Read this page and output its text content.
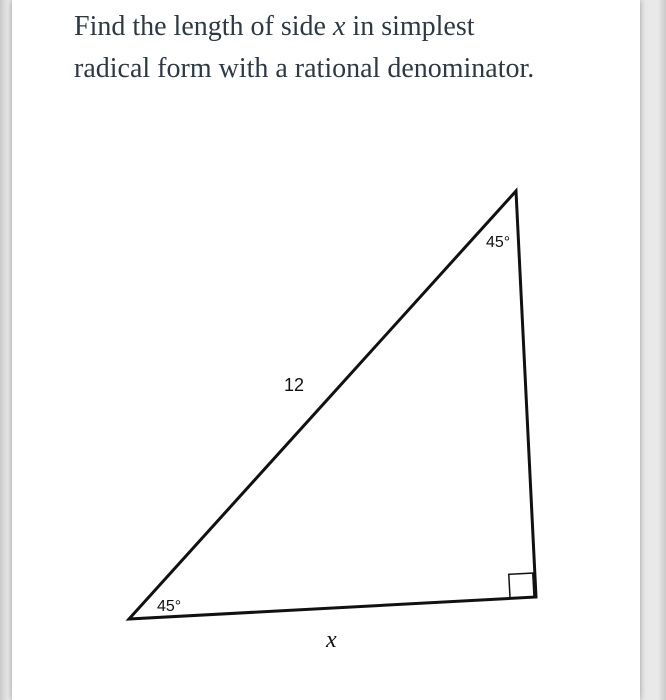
Find the length of side x in simplest
radical form with a rational denominator.

45°
45°
12
x
